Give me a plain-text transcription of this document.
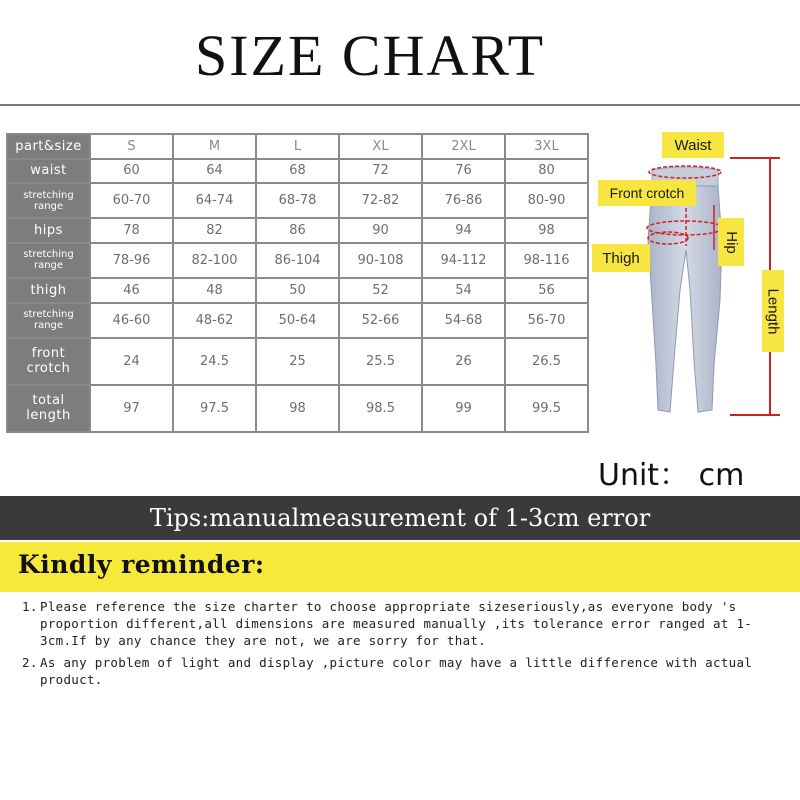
SIZE CHART
part&size	S	M	L	XL	2XL	3XL
waist	60	64	68	72	76	80
stretching range	60-70	64-74	68-78	72-82	76-86	80-90
hips	78	82	86	90	94	98
stretching range	78-96	82-100	86-104	90-108	94-112	98-116
thigh	46	48	50	52	54	56
stretching range	46-60	48-62	50-64	52-66	54-68	56-70
front crotch	24	24.5	25	25.5	26	26.5
total length	97	97.5	98	98.5	99	99.5
Waist
Front crotch
Thigh
Hip
Length
Unit： cm
Tips:manualmeasurement of 1-3cm error
Kindly reminder:
1. Please reference the size charter to choose appropriate sizeseriously,as everyone body 's proportion different,all dimensions are measured manually ,its tolerance error ranged at 1-3cm.If by any chance they are not, we are sorry for that.
2. As any problem of light and display ,picture color may have a little difference with actual product.
